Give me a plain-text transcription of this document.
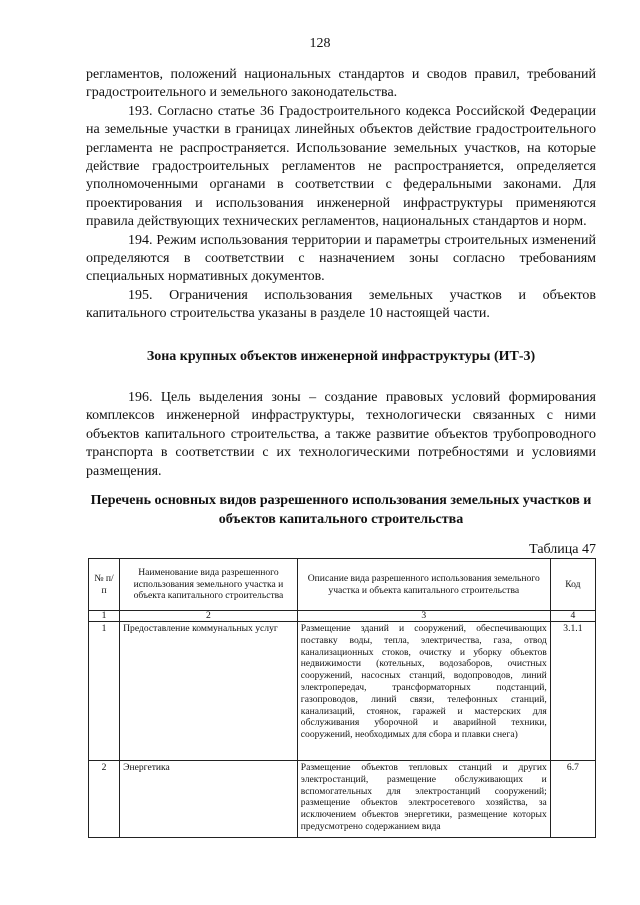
128

регламентов, положений национальных стандартов и сводов правил, требований градостроительного и земельного законодательства.

193. Согласно статье 36 Градостроительного кодекса Российской Федерации на земельные участки в границах линейных объектов действие градостроительного регламента не распространяется. Использование земельных участков, на которые действие градостроительных регламентов не распространяется, определяется уполномоченными органами в соответствии с федеральными законами. Для проектирования и использования инженерной инфраструктуры применяются правила действующих технических регламентов, национальных стандартов и норм.

194. Режим использования территории и параметры строительных изменений определяются в соответствии с назначением зоны согласно требованиям специальных нормативных документов.

195. Ограничения использования земельных участков и объектов капитального строительства указаны в разделе 10 настоящей части.

Зона крупных объектов инженерной инфраструктуры (ИТ-3)

196. Цель выделения зоны – создание правовых условий формирования комплексов инженерной инфраструктуры, технологически связанных с ними объектов капитального строительства, а также развитие объектов трубопроводного транспорта в соответствии с их технологическими потребностями и условиями размещения.

Перечень основных видов разрешенного использования земельных участков и объектов капитального строительства
Таблица 47
№ п/п	Наименование вида разрешенного использования земельного участка и объекта капитального строительства	Описание вида разрешенного использования земельного участка и объекта капитального строительства	Код
1	2	3	4
1	Предоставление коммунальных услуг	Размещение зданий и сооружений, обеспечивающих поставку воды, тепла, электричества, газа, отвод канализационных стоков, очистку и уборку объектов недвижимости (котельных, водозаборов, очистных сооружений, насосных станций, водопроводов, линий электропередач, трансформаторных подстанций, газопроводов, линий связи, телефонных станций, канализаций, стоянок, гаражей и мастерских для обслуживания уборочной и аварийной техники, сооружений, необходимых для сбора и плавки снега)	3.1.1
2	Энергетика	Размещение объектов тепловых станций и других электростанций, размещение обслуживающих и вспомогательных для электростанций сооружений; размещение объектов электросетевого хозяйства, за исключением объектов энергетики, размещение которых предусмотрено содержанием вида	6.7
